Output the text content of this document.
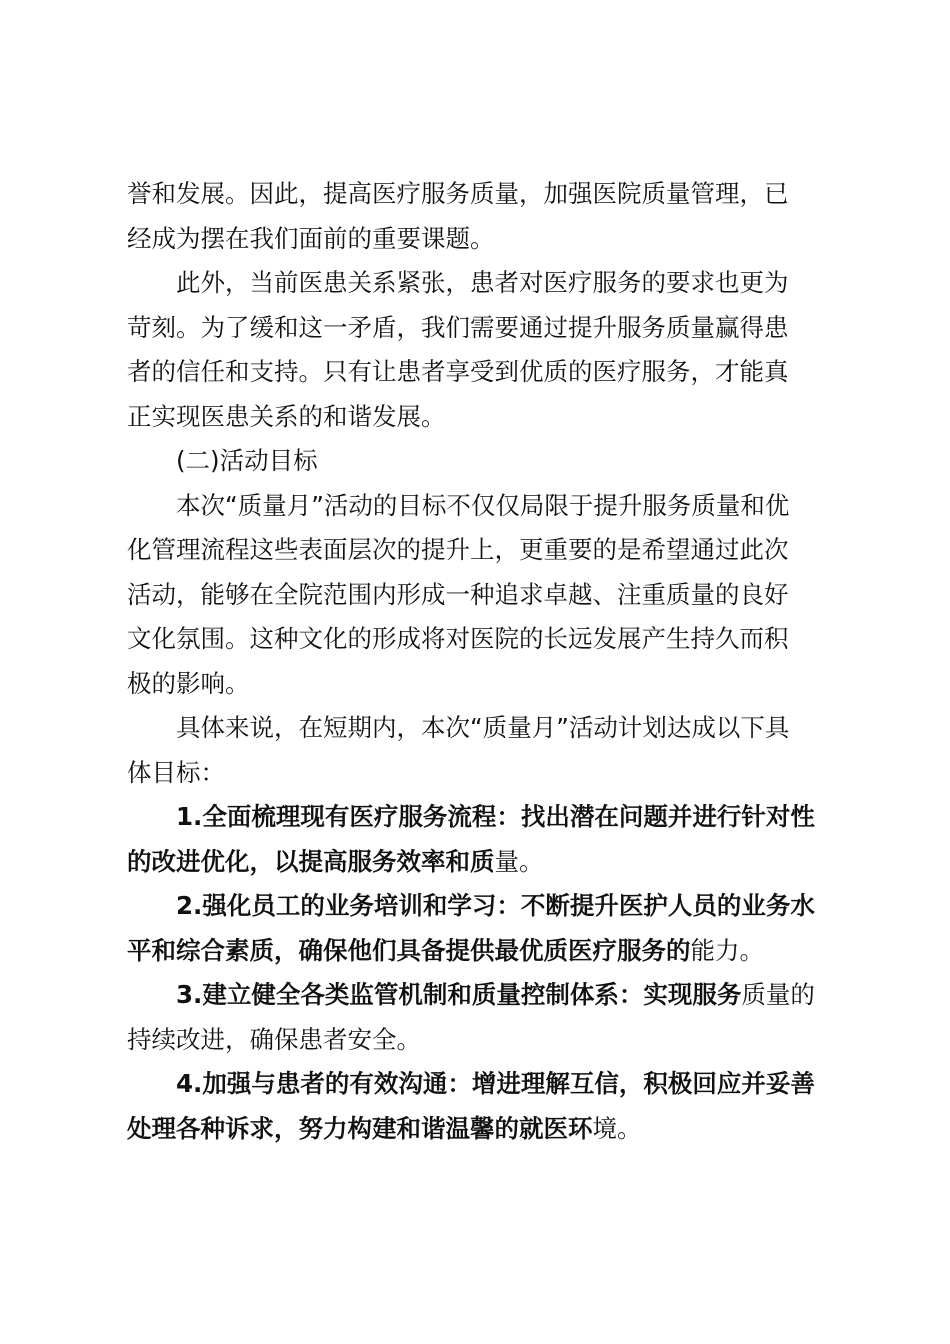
誉和发展。因此，提高医疗服务质量，加强医院质量管理，已
经成为摆在我们面前的重要课题。

此外，当前医患关系紧张，患者对医疗服务的要求也更为
苛刻。为了缓和这一矛盾，我们需要通过提升服务质量赢得患
者的信任和支持。只有让患者享受到优质的医疗服务，才能真
正实现医患关系的和谐发展。

(二)活动目标

本次“质量月”活动的目标不仅仅局限于提升服务质量和优
化管理流程这些表面层次的提升上，更重要的是希望通过此次
活动，能够在全院范围内形成一种追求卓越、注重质量的良好
文化氛围。这种文化的形成将对医院的长远发展产生持久而积
极的影响。

具体来说，在短期内，本次“质量月”活动计划达成以下具
体目标：

1.全面梳理现有医疗服务流程：找出潜在问题并进行针对性
的改进优化，以提高服务效率和质量。

2.强化员工的业务培训和学习：不断提升医护人员的业务水
平和综合素质，确保他们具备提供最优质医疗服务的能力。

3.建立健全各类监管机制和质量控制体系：实现服务质量的
持续改进，确保患者安全。

4.加强与患者的有效沟通：增进理解互信，积极回应并妥善
处理各种诉求，努力构建和谐温馨的就医环境。
